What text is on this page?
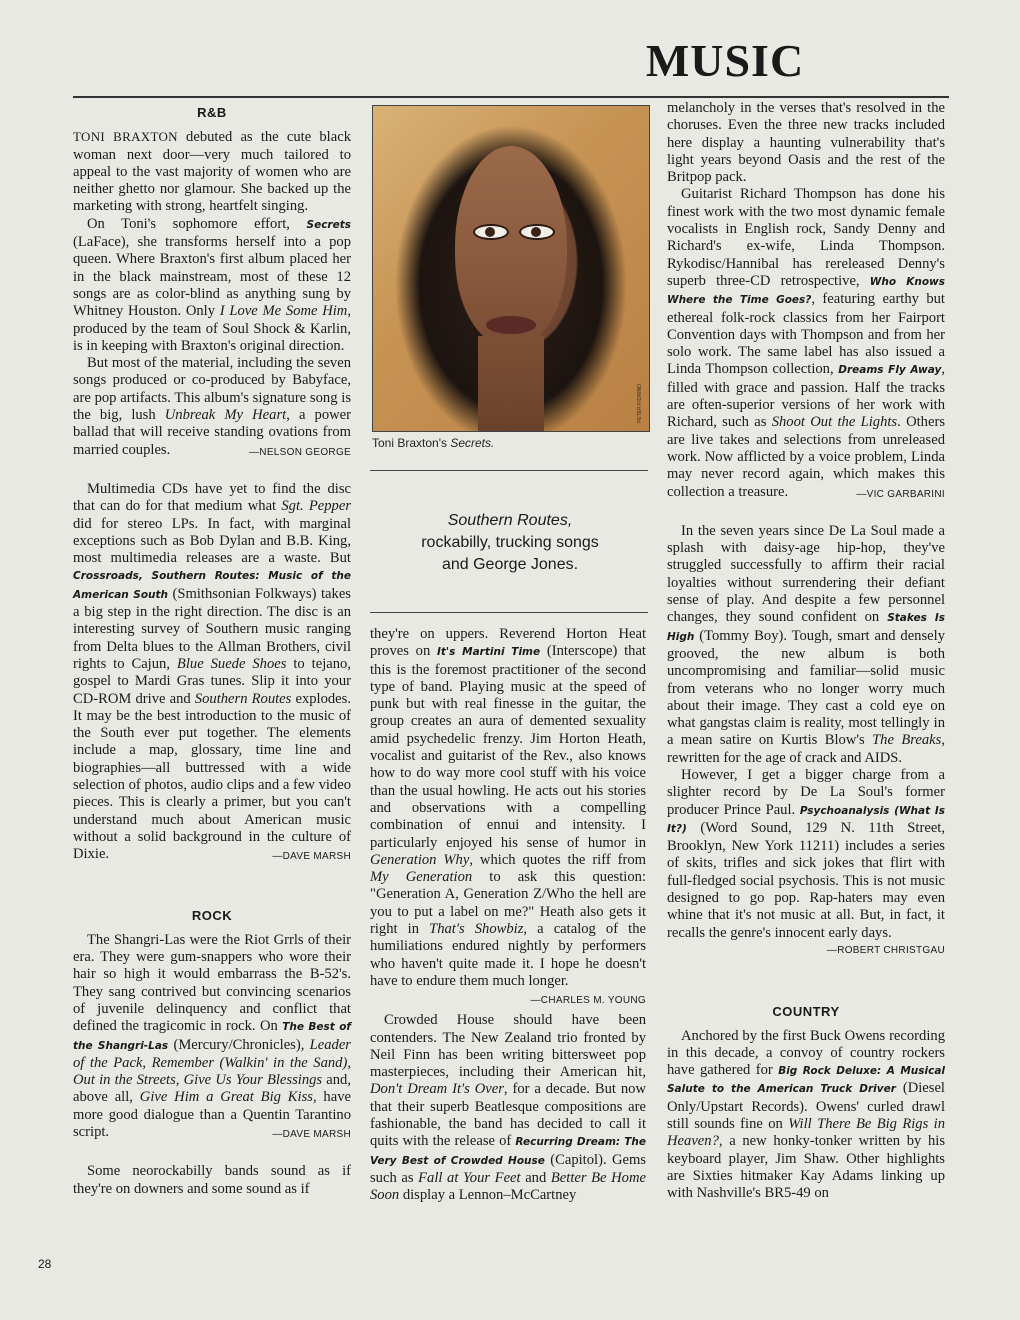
MUSIC
R&B

TONI BRAXTON debuted as the cute black woman next door—very much tailored to appeal to the vast majority of women who are neither ghetto nor glamour. She backed up the marketing with strong, heartfelt singing.

On Toni's sophomore effort, Secrets (LaFace), she transforms herself into a pop queen. Where Braxton's first album placed her in the black mainstream, most of these 12 songs are as color-blind as anything sung by Whitney Houston. Only I Love Me Some Him, produced by the team of Soul Shock & Karlin, is in keeping with Braxton's original direction.

But most of the material, including the seven songs produced or co-produced by Babyface, are pop artifacts. This album's signature song is the big, lush Unbreak My Heart, a power ballad that will receive standing ovations from married couples.	—NELSON GEORGE

Multimedia CDs have yet to find the disc that can do for that medium what Sgt. Pepper did for stereo LPs. In fact, with marginal exceptions such as Bob Dylan and B.B. King, most multimedia releases are a waste. But Crossroads, Southern Routes: Music of the American South (Smithsonian Folkways) takes a big step in the right direction. The disc is an interesting survey of Southern music ranging from Delta blues to the Allman Brothers, civil rights to Cajun, Blue Suede Shoes to tejano, gospel to Mardi Gras tunes. Slip it into your CD-ROM drive and Southern Routes explodes. It may be the best introduction to the music of the South ever put together. The elements include a map, glossary, time line and biographies—all buttressed with a wide selection of photos, audio clips and a few video pieces. This is clearly a primer, but you can't understand much about American music without a solid background in the culture of Dixie.	—DAVE MARSH

ROCK

The Shangri-Las were the Riot Grrls of their era. They were gum-snappers who wore their hair so high it would embarrass the B-52's. They sang contrived but convincing scenarios of juvenile delinquency and conflict that defined the tragicomic in rock. On The Best of the Shangri-Las (Mercury/Chronicles), Leader of the Pack, Remember (Walkin' in the Sand), Out in the Streets, Give Us Your Blessings and, above all, Give Him a Great Big Kiss, have more good dialogue than a Quentin Tarantino script.	—DAVE MARSH

Some neorockabilly bands sound as if they're on downers and some sound as if

PETER FIORINO
Toni Braxton's Secrets.
Southern Routes,
rockabilly, trucking songs
and George Jones.

they're on uppers. Reverend Horton Heat proves on It's Martini Time (Interscope) that this is the foremost practitioner of the second type of band. Playing music at the speed of punk but with real finesse in the guitar, the group creates an aura of demented sexuality amid psychedelic frenzy. Jim Horton Heath, vocalist and guitarist of the Rev., also knows how to do way more cool stuff with his voice than the usual howling. He acts out his stories and observations with a compelling combination of ennui and intensity. I particularly enjoyed his sense of humor in Generation Why, which quotes the riff from My Generation to ask this question: "Generation A, Generation Z/Who the hell are you to put a label on me?" Heath also gets it right in That's Showbiz, a catalog of the humiliations endured nightly by performers who haven't quite made it. I hope he doesn't have to endure them much longer.
—CHARLES M. YOUNG

Crowded House should have been contenders. The New Zealand trio fronted by Neil Finn has been writing bittersweet pop masterpieces, including their American hit, Don't Dream It's Over, for a decade. But now that their superb Beatlesque compositions are fashionable, the band has decided to call it quits with the release of Recurring Dream: The Very Best of Crowded House (Capitol). Gems such as Fall at Your Feet and Better Be Home Soon display a Lennon–McCartney

melancholy in the verses that's resolved in the choruses. Even the three new tracks included here display a haunting vulnerability that's light years beyond Oasis and the rest of the Britpop pack.

Guitarist Richard Thompson has done his finest work with the two most dynamic female vocalists in English rock, Sandy Denny and Richard's ex-wife, Linda Thompson. Rykodisc/Hannibal has rereleased Denny's superb three-CD retrospective, Who Knows Where the Time Goes?, featuring earthy but ethereal folk-rock classics from her Fairport Convention days with Thompson and from her solo work. The same label has also issued a Linda Thompson collection, Dreams Fly Away, filled with grace and passion. Half the tracks are often-superior versions of her work with Richard, such as Shoot Out the Lights. Others are live takes and selections from unreleased work. Now afflicted by a voice problem, Linda may never record again, which makes this collection a treasure.	—VIC GARBARINI

In the seven years since De La Soul made a splash with daisy-age hip-hop, they've struggled successfully to affirm their racial loyalties without surrendering their defiant sense of play. And despite a few personnel changes, they sound confident on Stakes Is High (Tommy Boy). Tough, smart and densely grooved, the new album is both uncompromising and familiar—solid music from veterans who no longer worry much about their image. They cast a cold eye on what gangstas claim is reality, most tellingly in a mean satire on Kurtis Blow's The Breaks, rewritten for the age of crack and AIDS.

However, I get a bigger charge from a slighter record by De La Soul's former producer Prince Paul. Psychoanalysis (What Is It?) (Word Sound, 129 N. 11th Street, Brooklyn, New York 11211) includes a series of skits, trifles and sick jokes that flirt with full-fledged social psychosis. This is not music designed to go pop. Rap-haters may even whine that it's not music at all. But, in fact, it recalls the genre's innocent early days.

—ROBERT CHRISTGAU
COUNTRY

Anchored by the first Buck Owens recording in this decade, a convoy of country rockers have gathered for Big Rock Deluxe: A Musical Salute to the American Truck Driver (Diesel Only/Upstart Records). Owens' curled drawl still sounds fine on Will There Be Big Rigs in Heaven?, a new honky-tonker written by his keyboard player, Jim Shaw. Other highlights are Sixties hitmaker Kay Adams linking up with Nashville's BR5-49 on

28
